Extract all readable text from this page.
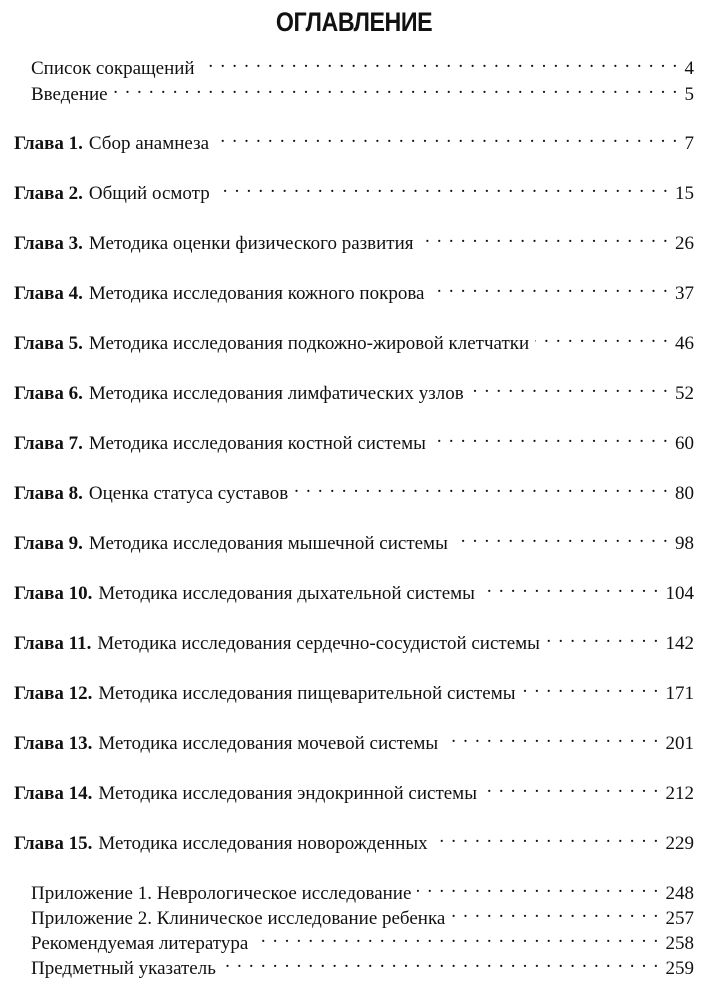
ОГЛАВЛЕНИЕ
Список сокращений . . .	4
Введение . . .	5
Глава 1. Сбор анамнеза . . .	7
Глава 2. Общий осмотр . . .	15
Глава 3. Методика оценки физического развития . . .	26
Глава 4. Методика исследования кожного покрова . . .	37
Глава 5. Методика исследования подкожно-жировой клетчатки . . .	46
Глава 6. Методика исследования лимфатических узлов . . .	52
Глава 7. Методика исследования костной системы . . .	60
Глава 8. Оценка статуса суставов . . .	80
Глава 9. Методика исследования мышечной системы . . .	98
Глава 10. Методика исследования дыхательной системы . . .	104
Глава 11. Методика исследования сердечно-сосудистой системы . . .	142
Глава 12. Методика исследования пищеварительной системы . . .	171
Глава 13. Методика исследования мочевой системы . . .	201
Глава 14. Методика исследования эндокринной системы . . .	212
Глава 15. Методика исследования новорожденных . . .	229
Приложение 1. Неврологическое исследование . . .	248
Приложение 2. Клиническое исследование ребенка . . .	257
Рекомендуемая литература . . .	258
Предметный указатель . . .	259
